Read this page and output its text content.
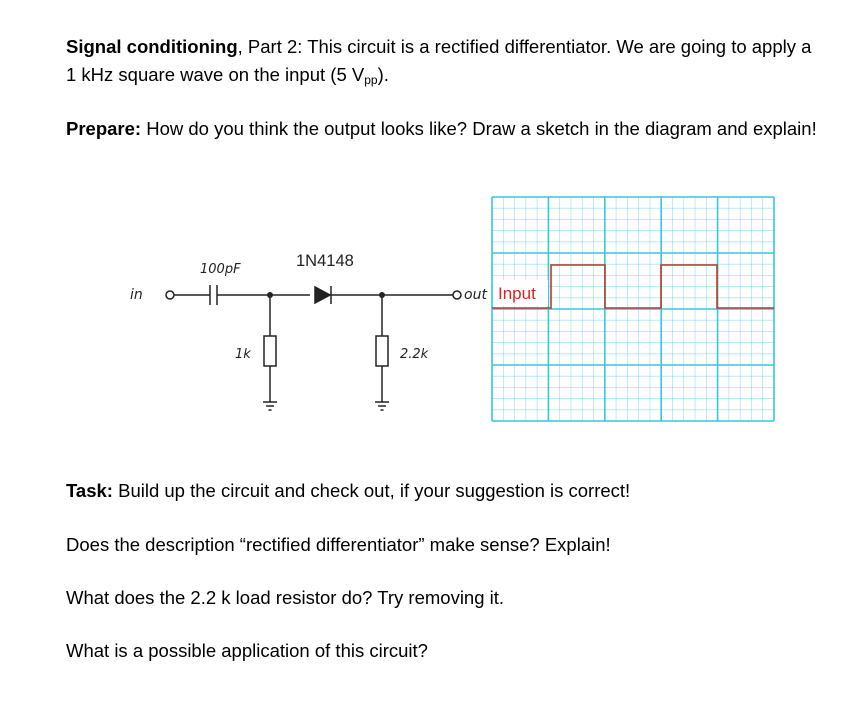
Signal conditioning, Part 2: This circuit is a rectified differentiator. We are going to apply a 1 kHz square wave on the input (5 $V_{pp}$).

Prepare: How do you think the output looks like? Draw a sketch in the diagram and explain!

in
100pF	1N4148
1k	2.2k
out Input

Task: Build up the circuit and check out, if your suggestion is correct!

Does the description “rectified differentiator” make sense? Explain!

What does the 2.2 k load resistor do? Try removing it.

What is a possible application of this circuit?
